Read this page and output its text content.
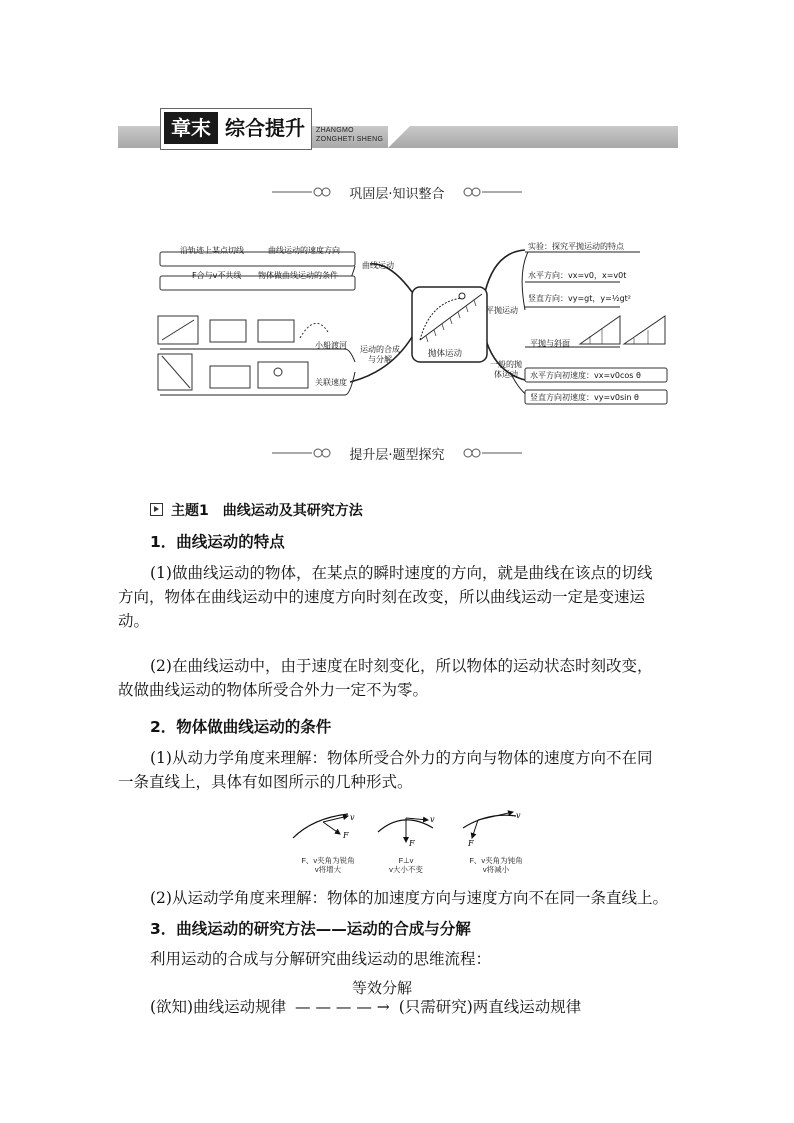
章末 综合提升	ZHANGMO
ZONGHETI SHENG
巩固层·知识整合
沿轨迹上某点切线	曲线运动的速度方向
F合与v不共线 物体做曲线运动的条件
曲线运动
运动的合成与分解
小船渡河
关联速度
抛体运动
实验：探究平抛运动的特点
水平方向：vx=v0，x=v0t
竖直方向：vy=gt，y=½gt²
平抛与斜面
平抛运动
一般的抛体运动	水平方向初速度：vx=v0cos θ
竖直方向初速度：vy=v0sin θ
提升层·题型探究
主题1 曲线运动及其研究方法
1．曲线运动的特点
(1)做曲线运动的物体，在某点的瞬时速度的方向，就是曲线在该点的切线
方向，物体在曲线运动中的速度方向时刻在改变，所以曲线运动一定是变速运
动。
(2)在曲线运动中，由于速度在时刻变化，所以物体的运动状态时刻改变，
故做曲线运动的物体所受合外力一定不为零。
2．物体做曲线运动的条件
(1)从动力学角度来理解：物体所受合外力的方向与物体的速度方向不在同
一条直线上，具体有如图所示的几种形式。
F
v
F
v
F
v
F、v夹角为锐角
v将增大
F⊥v
v大小不变
F、v夹角为钝角
v将减小
(2)从运动学角度来理解：物体的加速度方向与速度方向不在同一条直线上。
3．曲线运动的研究方法——运动的合成与分解
利用运动的合成与分解研究曲线运动的思维流程：
等效分解
(欲知)曲线运动规律 — — — — → (只需研究)两直线运动规律
